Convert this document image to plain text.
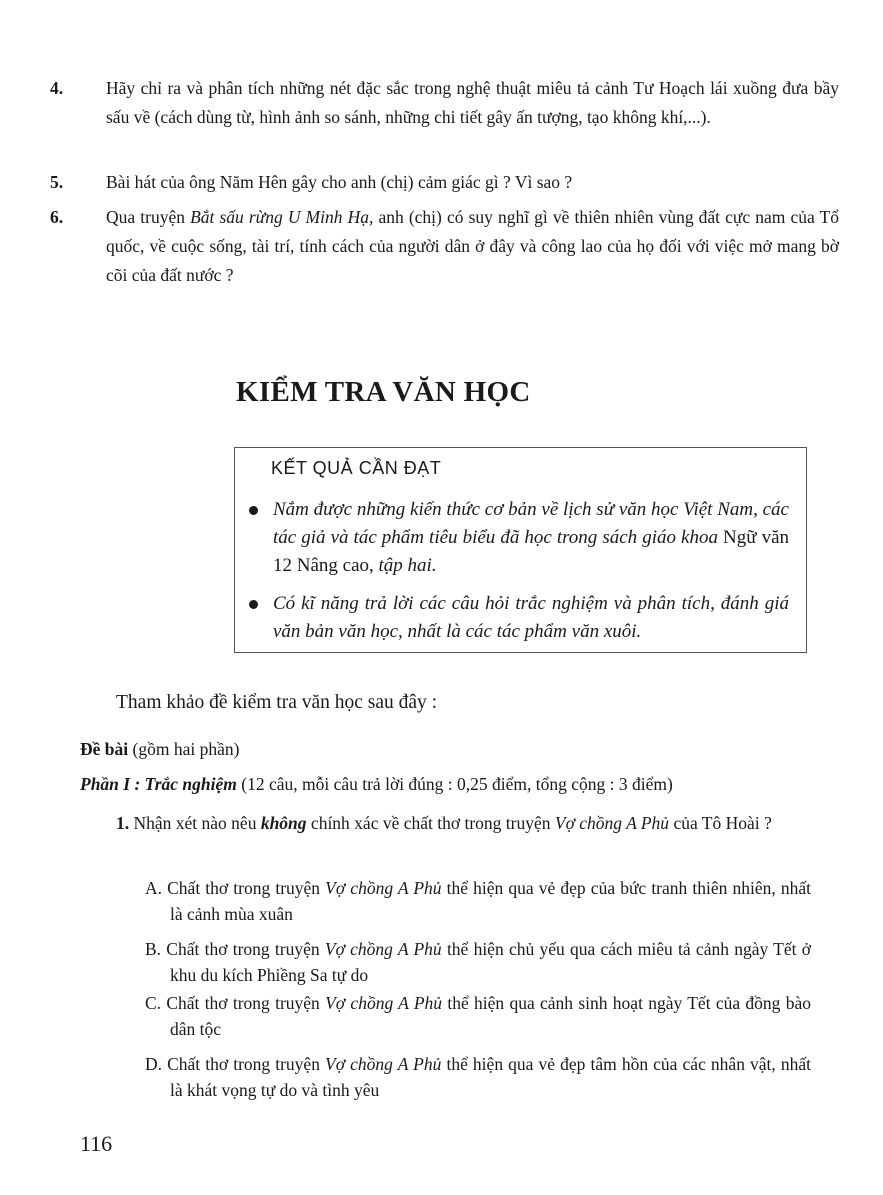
4. Hãy chỉ ra và phân tích những nét đặc sắc trong nghệ thuật miêu tả cảnh Tư Hoạch lái xuồng đưa bầy sấu về (cách dùng từ, hình ảnh so sánh, những chi tiết gây ấn tượng, tạo không khí,...).
5. Bài hát của ông Năm Hên gây cho anh (chị) cảm giác gì ? Vì sao ?
6. Qua truyện Bắt sấu rừng U Minh Hạ, anh (chị) có suy nghĩ gì về thiên nhiên vùng đất cực nam của Tổ quốc, về cuộc sống, tài trí, tính cách của người dân ở đây và công lao của họ đối với việc mở mang bờ cõi của đất nước ?
KIỂM TRA VĂN HỌC
KẾT QUẢ CẦN ĐẠT
Nắm được những kiến thức cơ bản về lịch sử văn học Việt Nam, các tác giả và tác phẩm tiêu biểu đã học trong sách giáo khoa Ngữ văn 12 Nâng cao, tập hai.
Có kĩ năng trả lời các câu hỏi trắc nghiệm và phân tích, đánh giá văn bản văn học, nhất là các tác phẩm văn xuôi.
Tham khảo đề kiểm tra văn học sau đây :
Đề bài (gồm hai phần)
Phần I : Trắc nghiệm (12 câu, mỗi câu trả lời đúng : 0,25 điểm, tổng cộng : 3 điểm)
1. Nhận xét nào nêu không chính xác về chất thơ trong truyện Vợ chồng A Phủ của Tô Hoài ?
A. Chất thơ trong truyện Vợ chồng A Phủ thể hiện qua vẻ đẹp của bức tranh thiên nhiên, nhất là cảnh mùa xuân
B. Chất thơ trong truyện Vợ chồng A Phủ thể hiện chủ yếu qua cách miêu tả cảnh ngày Tết ở khu du kích Phiềng Sa tự do
C. Chất thơ trong truyện Vợ chồng A Phủ thể hiện qua cảnh sinh hoạt ngày Tết của đồng bào dân tộc
D. Chất thơ trong truyện Vợ chồng A Phủ thể hiện qua vẻ đẹp tâm hồn của các nhân vật, nhất là khát vọng tự do và tình yêu
116
